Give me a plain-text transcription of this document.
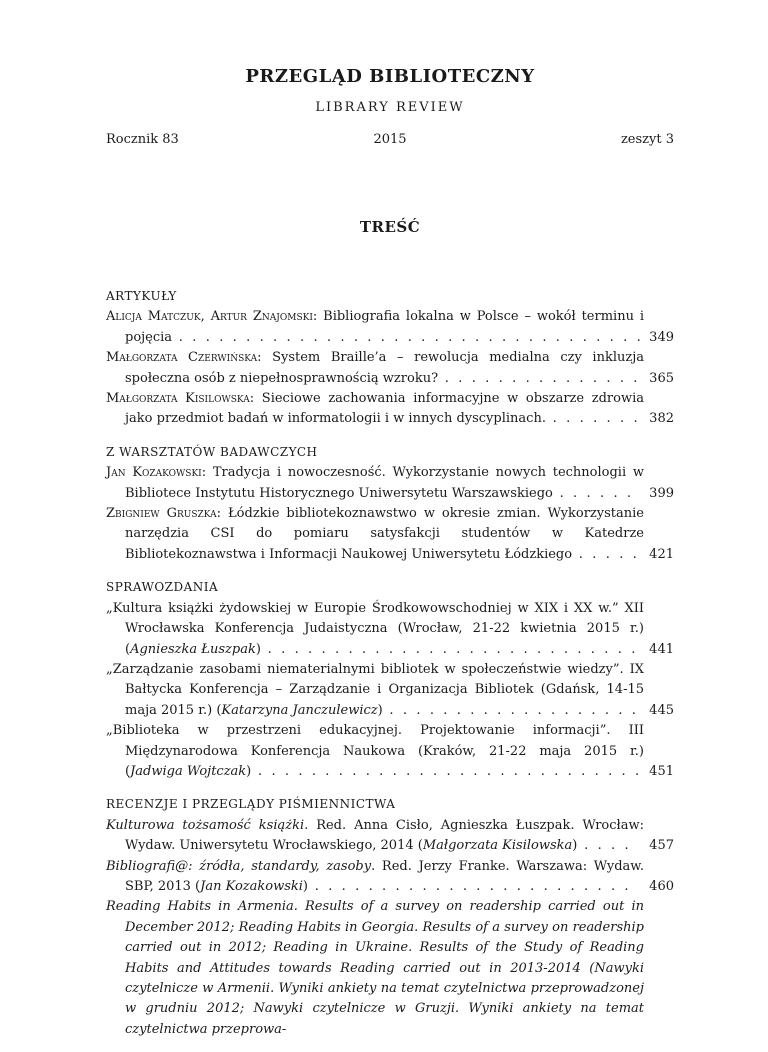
PRZEGLĄD BIBLIOTECZNY
LIBRARY REVIEW
Rocznik 83	2015	zeszyt 3
TREŚĆ
ARTYKUŁY
Alicja Matczuk, Artur Znajomski: Bibliografia lokalna w Polsce – wokół terminu i pojęcia . . . . . . . . . . . . . . . . . . . . . . . . . . . . . . . . . . . 349
Małgorzata Czerwińska: System Braille’a – rewolucja medialna czy inkluzja społeczna osób z niepełnosprawnością wzroku? . . . . . . . . . . . . . . . 365
Małgorzata Kisilowska: Sieciowe zachowania informacyjne w obszarze zdrowia jako przedmiot badań w informatologii i w innych dyscyplinach. . . . . . . . 382
Z WARSZTATÓW BADAWCZYCH
Jan Kozakowski: Tradycja i nowoczesność. Wykorzystanie nowych technologii w Bibliotece Instytutu Historycznego Uniwersytetu Warszawskiego . . . . . .	399
Zbigniew Gruszka: Łódzkie bibliotekoznawstwo w okresie zmian. Wykorzystanie narzędzia CSI do pomiaru satysfakcji studentów w Katedrze Bibliotekoznawstwa i Informacji Naukowej Uniwersytetu Łódzkiego . . . . . 421
SPRAWOZDANIA
„Kultura książki żydowskiej w Europie Środkowowschodniej w XIX i XX w.” XII Wrocławska Konferencja Judaistyczna (Wrocław, 21-22 kwietnia 2015 r.) (Agnieszka Łuszpak) . . . . . . . . . . . . . . . . . . . . . . . . . . . . 441
„Zarządzanie zasobami niematerialnymi bibliotek w społeczeństwie wiedzy”. IX Bałtycka Konferencja – Zarządzanie i Organizacja Bibliotek (Gdańsk, 14-15 maja 2015 r.) (Katarzyna Janczulewicz) . . . . . . . . . . . . . . . . . . . 445
„Biblioteka w przestrzeni edukacyjnej. Projektowanie informacji”. III Międzynarodowa Konferencja Naukowa (Kraków, 21-22 maja 2015 r.) (Jadwiga Wojtczak) . . . . . . . . . . . . . . . . . . . . . . . . . . . . . 451
RECENZJE I PRZEGLĄDY PIŚMIENNICTWA
Kulturowa tożsamość książki. Red. Anna Cisło, Agnieszka Łuszpak. Wrocław: Wydaw. Uniwersytetu Wrocławskiego, 2014 (Małgorzata Kisilowska) . . . .	457
Bibliografi@: źródła, standardy, zasoby. Red. Jerzy Franke. Warszawa: Wydaw. SBP, 2013 (Jan Kozakowski) . . . . . . . . . . . . . . . . . . . . . . . .	460
Reading Habits in Armenia. Results of a survey on readership carried out in December 2012; Reading Habits in Georgia. Results of a survey on readership carried out in 2012; Reading in Ukraine. Results of the Study of Reading Habits and Attitudes towards Reading carried out in 2013-2014 (Nawyki czytelnicze w Armenii. Wyniki ankiety na temat czytelnictwa przeprowadzonej w grudniu 2012; Nawyki czytelnicze w Gruzji. Wyniki ankiety na temat czytelnictwa przeprowa-
